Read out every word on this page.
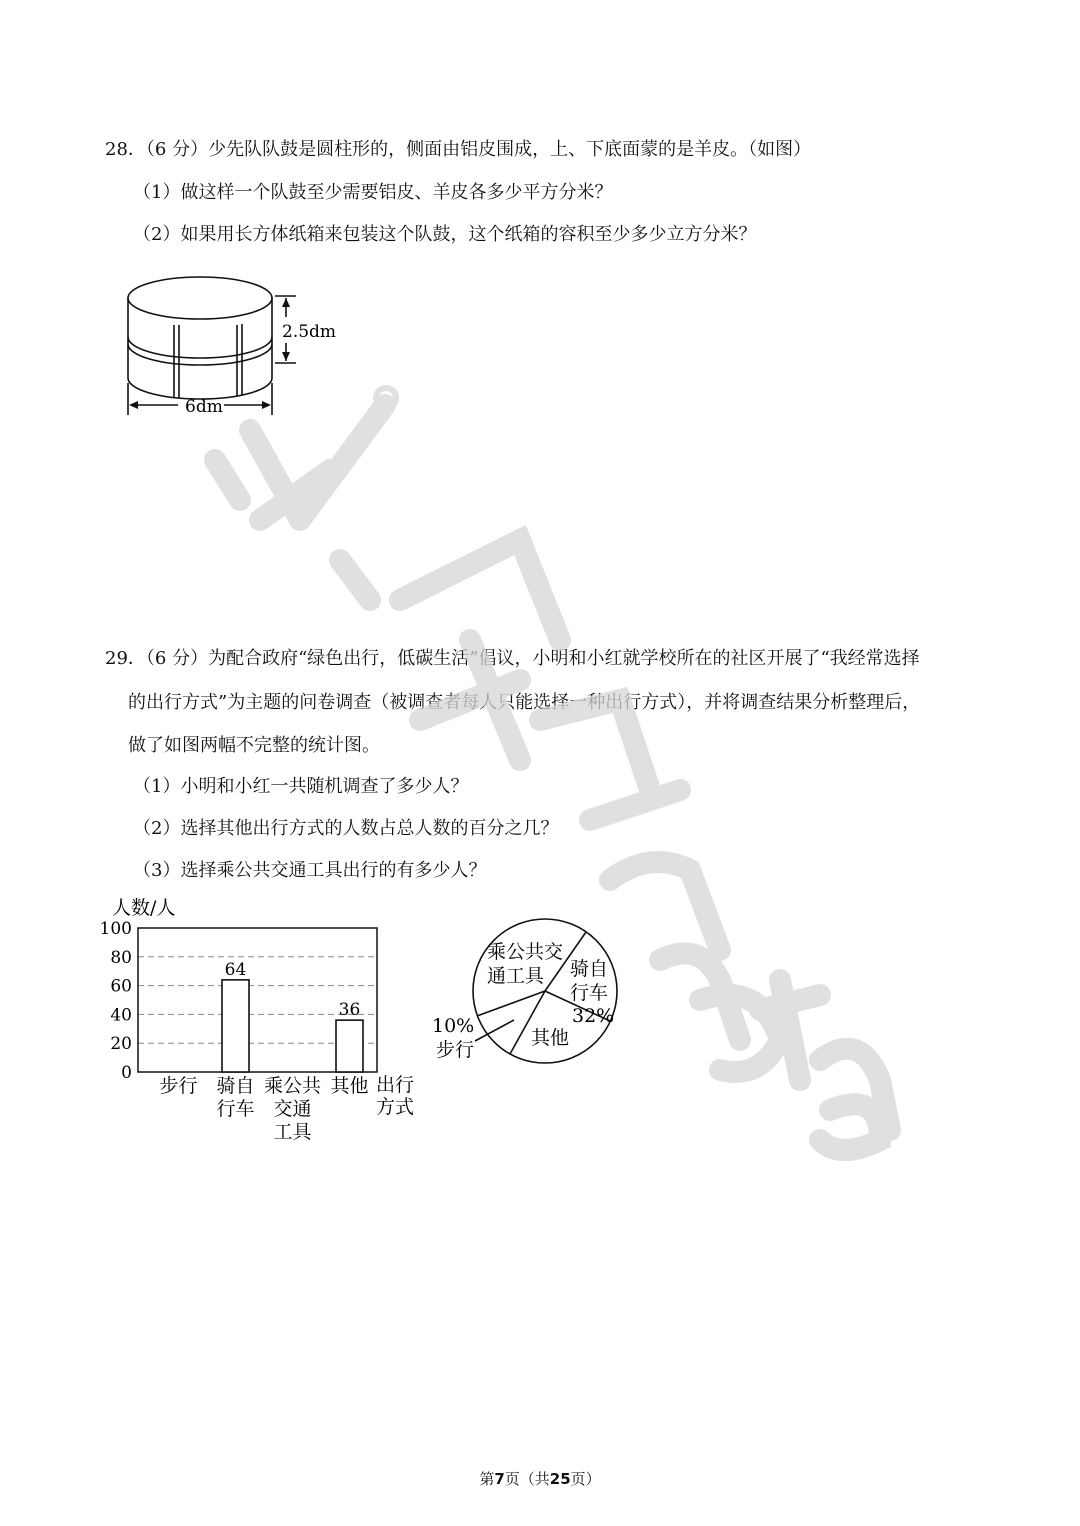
28．（6 分）少先队队鼓是圆柱形的，侧面由铝皮围成，上、下底面蒙的是羊皮。（如图）
（1）做这样一个队鼓至少需要铝皮、羊皮各多少平方分米？
（2）如果用长方体纸箱来包装这个队鼓，这个纸箱的容积至少多少立方分米？
2.5dm
6dm
29．（6 分）为配合政府“绿色出行，低碳生活”倡议，小明和小红就学校所在的社区开展了“我经常选择
的出行方式”为主题的问卷调查（被调查者每人只能选择一种出行方式），并将调查结果分析整理后，
做了如图两幅不完整的统计图。
（1）小明和小红一共随机调查了多少人？
（2）选择其他出行方式的人数占总人数的百分之几？
（3）选择乘公共交通工具出行的有多少人？
0
20
40
60
80
100
64
36
步行 骑自
行车
乘公共
交通
工具
其他
人数/人
出行
方式
乘公共交
通工具 骑自
行车
32%
其他
10%
步行
第7页（共25页）
